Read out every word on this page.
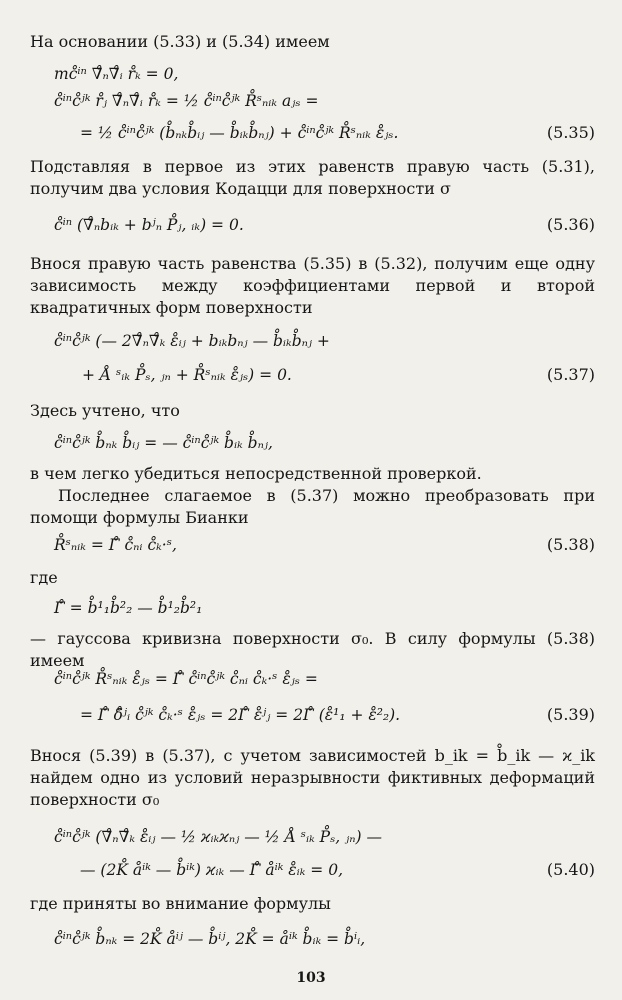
На основании (5.33) и (5.34) имеем
mc̊ⁱⁿ ∇̊ₙ∇̊ᵢ r̊ₖ = 0,
c̊ⁱⁿc̊ʲᵏ r̊ⱼ ∇̊ₙ∇̊ᵢ r̊ₖ = ½ c̊ⁱⁿc̊ʲᵏ R̊ˢₙᵢₖ aⱼₛ =
= ½ c̊ⁱⁿc̊ʲᵏ (b̊ₙₖb̊ᵢⱼ — b̊ᵢₖb̊ₙⱼ) + c̊ⁱⁿc̊ʲᵏ R̊ˢₙᵢₖ ε̊ⱼₛ.	(5.35)
Подставляя в первое из этих равенств правую часть (5.31), получим два условия Кодацци для поверхности σ
c̊ⁱⁿ (∇̊ₙbᵢₖ + bʲₙ P̊ⱼ, ᵢₖ) = 0.	(5.36)
Внося правую часть равенства (5.35) в (5.32), получим еще одну зависимость между коэффициентами первой и второй квадратичных форм поверхности
c̊ⁱⁿc̊ʲᵏ (— 2∇̊ₙ∇̊ₖ ε̊ᵢⱼ + bᵢₖbₙⱼ — b̊ᵢₖb̊ₙⱼ +
+ Å ˢᵢₖ P̊ₛ, ⱼₙ + R̊ˢₙᵢₖ ε̊ⱼₛ) = 0.	(5.37)
Здесь учтено, что
c̊ⁱⁿc̊ʲᵏ b̊ₙₖ b̊ᵢⱼ = — c̊ⁱⁿc̊ʲᵏ b̊ᵢₖ b̊ₙⱼ,
в чем легко убедиться непосредственной проверкой.
Последнее слагаемое в (5.37) можно преобразовать при помощи формулы Бианки
R̊ˢₙᵢₖ = Γ̊ c̊ₙᵢ c̊ₖ·ˢ,	(5.38)
где
Γ̊ = b̊¹₁b̊²₂ — b̊¹₂b̊²₁
— гауссова кривизна поверхности σ₀. В силу формулы (5.38) имеем
c̊ⁱⁿc̊ʲᵏ R̊ˢₙᵢₖ ε̊ⱼₛ = Γ̊ c̊ⁱⁿc̊ʲᵏ c̊ₙᵢ c̊ₖ·ˢ ε̊ⱼₛ =
= Γ̊ δ̊ʲᵢ c̊ʲᵏ c̊ₖ·ˢ ε̊ⱼₛ = 2Γ̊ ε̊ʲⱼ = 2Γ̊ (ε̊¹₁ + ε̊²₂).	(5.39)
Внося (5.39) в (5.37), с учетом зависимостей b_ik = b̊_ik — ϰ_ik найдем одно из условий неразрывности фиктивных деформаций поверхности σ₀
c̊ⁱⁿc̊ʲᵏ (∇̊ₙ∇̊ₖ ε̊ᵢⱼ — ½ ϰᵢₖϰₙⱼ — ½ Å ˢᵢₖ P̊ₛ, ⱼₙ) —
— (2K̊ åⁱᵏ — b̊ⁱᵏ) ϰᵢₖ — Γ̊ åⁱᵏ ε̊ᵢₖ = 0,	(5.40)
где приняты во внимание формулы
c̊ⁱⁿc̊ʲᵏ b̊ₙₖ = 2K̊ åⁱʲ — b̊ⁱʲ, 2K̊ = åⁱᵏ b̊ᵢₖ = b̊ⁱᵢ,
103
